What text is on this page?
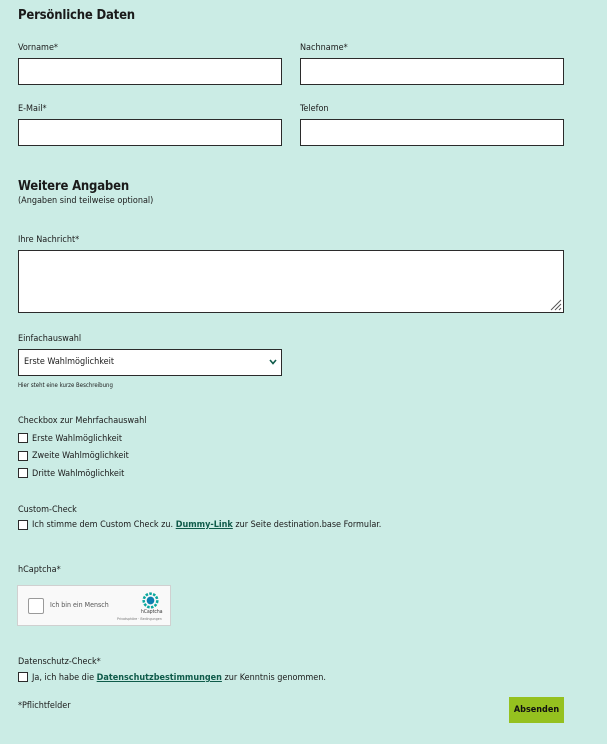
Persönliche Daten
Vorname*	Nachname*
E-Mail*	Telefon
Weitere Angaben
(Angaben sind teilweise optional)
Ihre Nachricht*
Einfachauswahl
Erste Wahlmöglichkeit
Hier steht eine kurze Beschreibung
Checkbox zur Mehrfachauswahl
Erste Wahlmöglichkeit
Zweite Wahlmöglichkeit
Dritte Wahlmöglichkeit
Custom-Check
Ich stimme dem Custom Check zu. Dummy-Link zur Seite destination.base Formular.
hCaptcha*
Ich bin ein Mensch
hCaptcha
Privatsphäre · Bedingungen
Datenschutz-Check*
Ja, ich habe die Datenschutzbestimmungen zur Kenntnis genommen.
*Pflichtfelder	Absenden
